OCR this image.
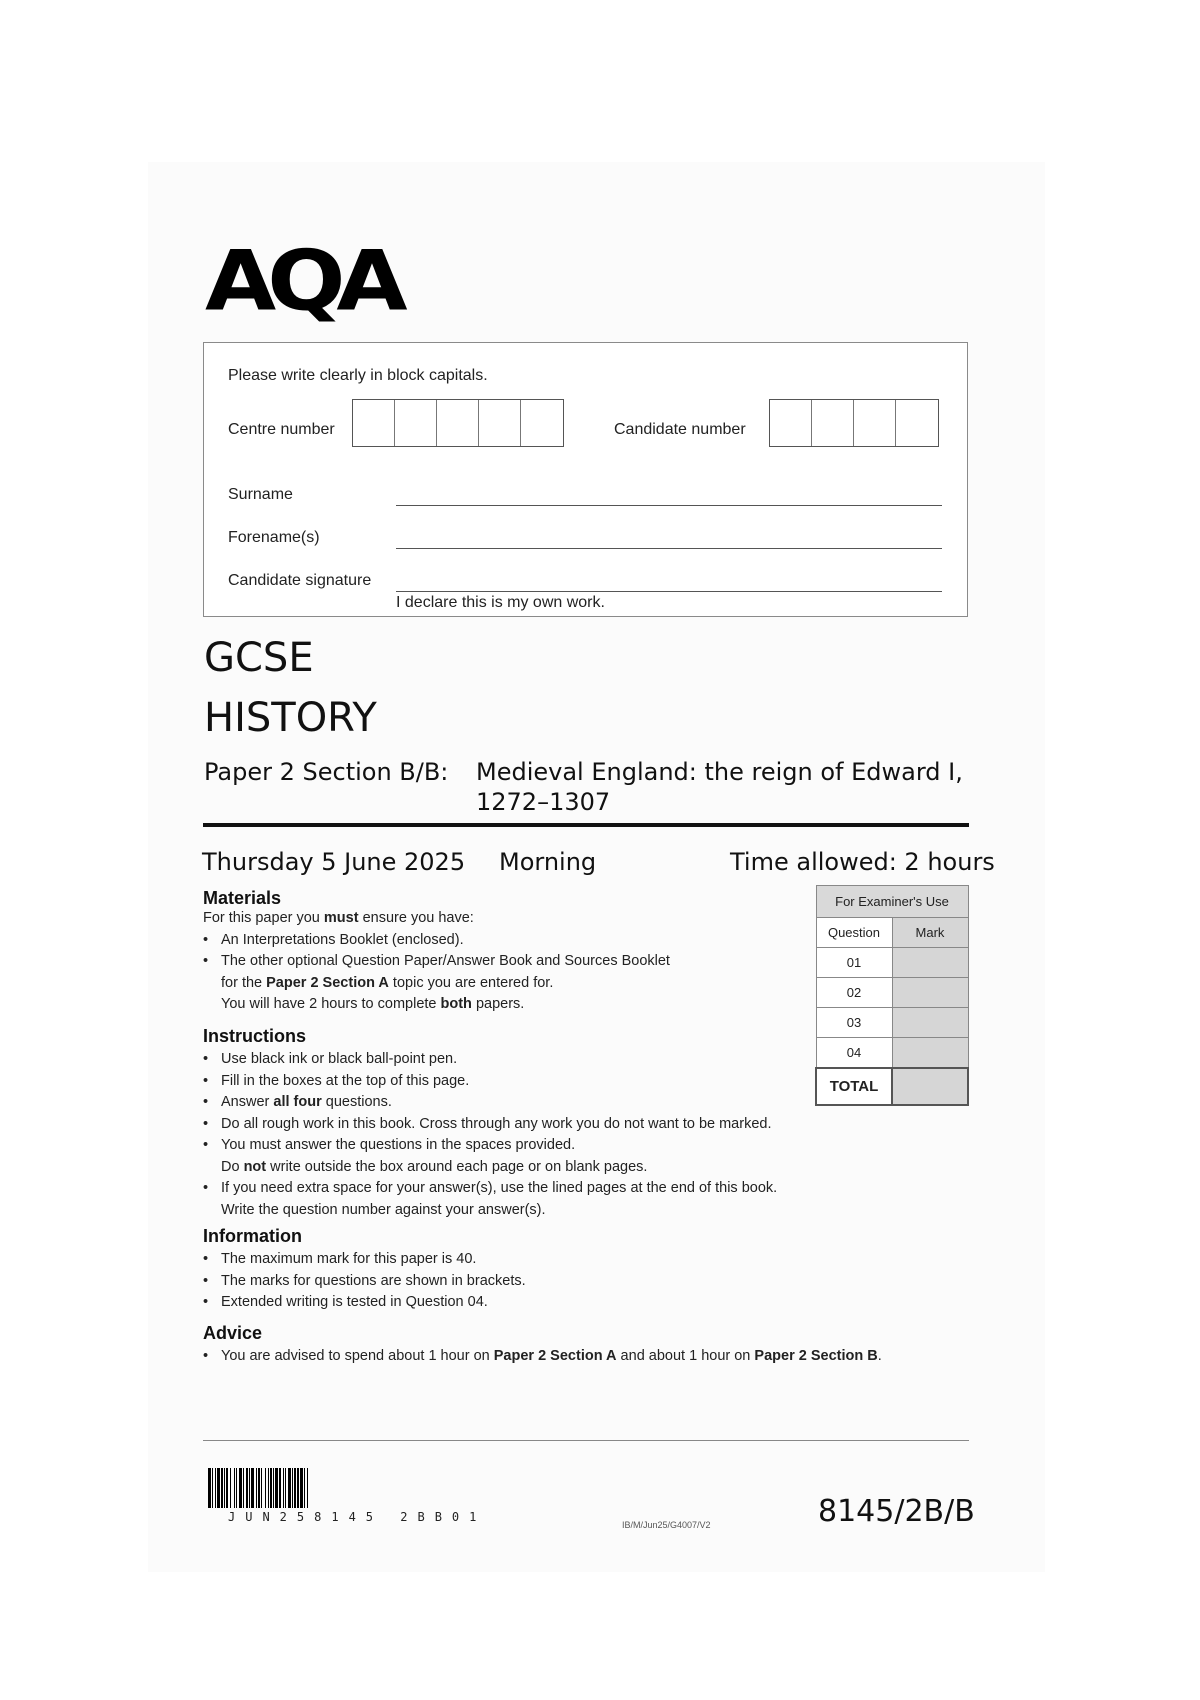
AQA
Please write clearly in block capitals.
Centre number	Candidate number
Surname
Forename(s)
Candidate signature
I declare this is my own work.
GCSE
HISTORY
Paper 2 Section B/B: Medieval England: the reign of Edward I,
1272–1307
Thursday 5 June 2025 Morning	Time allowed: 2 hours
Materials
For this paper you must ensure you have:
• An Interpretations Booklet (enclosed).
• The other optional Question Paper/Answer Book and Sources Booklet
for the Paper 2 Section A topic you are entered for.
You will have 2 hours to complete both papers.
Instructions
• Use black ink or black ball-point pen.
• Fill in the boxes at the top of this page.
• Answer all four questions.
• Do all rough work in this book. Cross through any work you do not want to be marked.
• You must answer the questions in the spaces provided.
Do not write outside the box around each page or on blank pages.
• If you need extra space for your answer(s), use the lined pages at the end of this book.
Write the question number against your answer(s).
Information
• The maximum mark for this paper is 40.
• The marks for questions are shown in brackets.
• Extended writing is tested in Question 04.
Advice
• You are advised to spend about 1 hour on Paper 2 Section A and about 1 hour on Paper 2 Section B.
For Examiner's Use	
Question	Mark
01	
02	
03	
04	
TOTAL	
JUN258145 2BB01
IB/M/Jun25/G4007/V2	8145/2B/B
